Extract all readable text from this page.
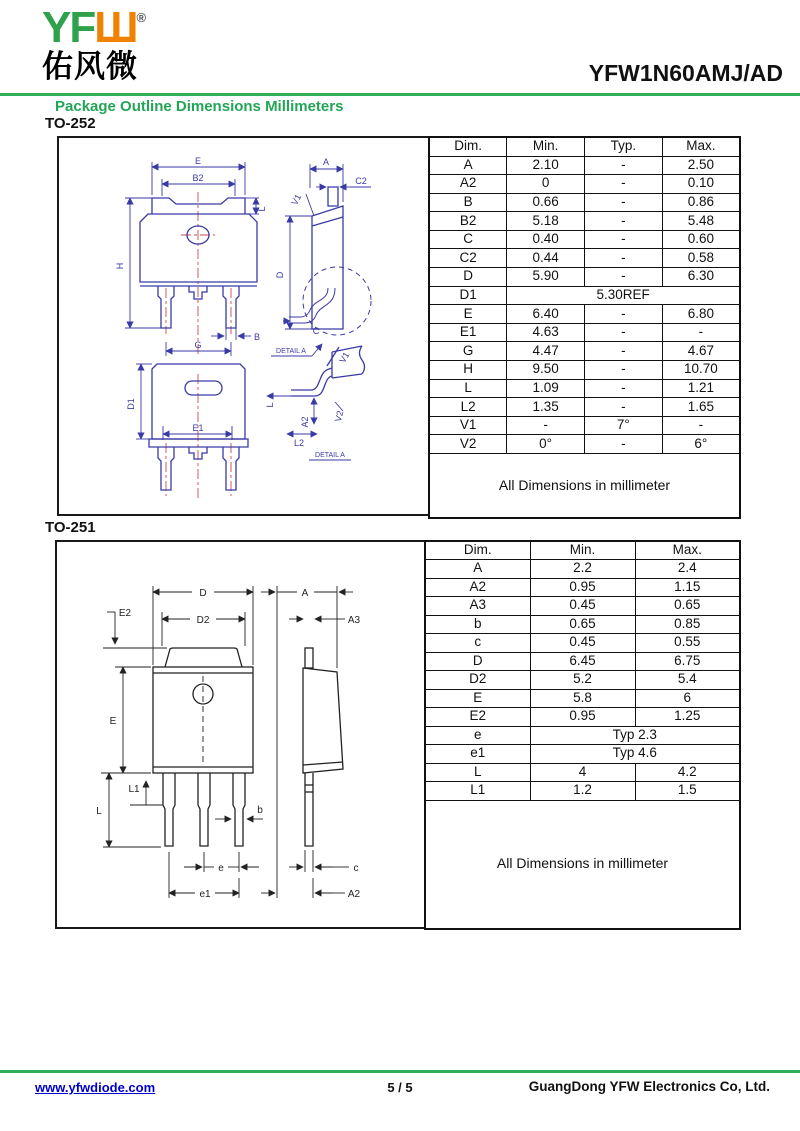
YFШ®
佑风微	YFW1N60AMJ/AD
Package Outline Dimensions Millimeters
TO-252
E
B2
L
H
B
G
A
C2
V1
D
C
D1
E1
V1
L
A2
L2
V2
DETAIL A
DETAIL A
Dim.	Min.	Typ.	Max.
A	2.10	-	2.50
A2	0	-	0.10
B	0.66	-	0.86
B2	5.18	-	5.48
C	0.40	-	0.60
C2	0.44	-	0.58
D	5.90	-	6.30
D1	5.30REF		
E	6.40	-	6.80
E1	4.63	-	-
G	4.47	-	4.67
H	9.50	-	10.70
L	1.09	-	1.21
L2	1.35	-	1.65
V1	-	7°	-
V2	0°	-	6°
All Dimensions in millimeter			
TO-251
D
D2
E2
E
L1
L	b
e
e1
A
A3
c
A2
Dim.	Min.	Max.
A	2.2	2.4
A2	0.95	1.15
A3	0.45	0.65
b	0.65	0.85
c	0.45	0.55
D	6.45	6.75
D2	5.2	5.4
E	5.8	6
E2	0.95	1.25
e	Typ 2.3	
e1	Typ 4.6	
L	4	4.2
L1	1.2	1.5
All Dimensions in millimeter		
www.yfwdiode.com	5 / 5	GuangDong YFW Electronics Co, Ltd.
